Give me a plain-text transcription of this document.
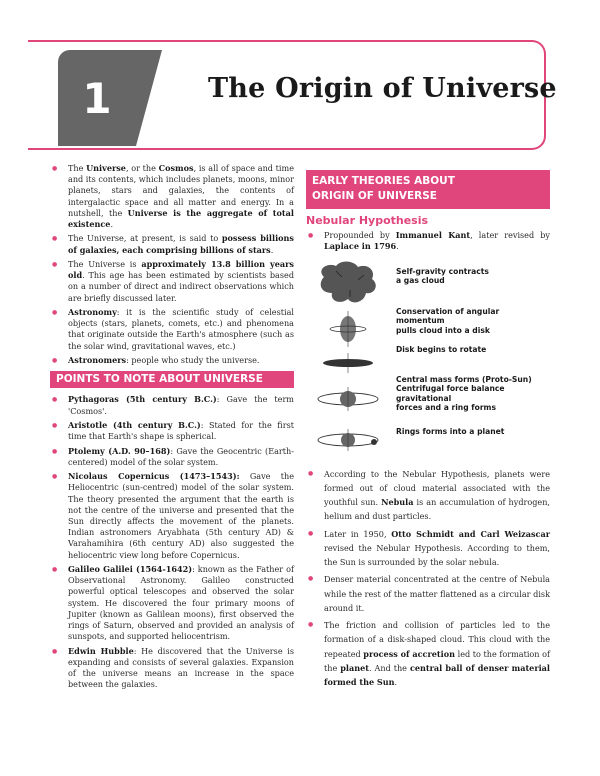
1	The Origin of Universe

● The Universe, or the Cosmos, is all of space and time and its contents, which includes planets, moons, minor planets, stars and galaxies, the contents of intergalactic space and all matter and energy. In a nutshell, the Universe is the aggregate of total existence.

● The Universe, at present, is said to possess billions of galaxies, each comprising billions of stars.

● The Universe is approximately 13.8 billion years old. This age has been estimated by scientists based on a number of direct and indirect observations which are briefly discussed later.

● Astronomy: it is the scientific study of celestial objects (stars, planets, comets, etc.) and phenomena that originate outside the Earth's atmosphere (such as the solar wind, gravitational waves, etc.)

● Astronomers: people who study the universe.

POINTS TO NOTE ABOUT UNIVERSE

● Pythagoras (5th century B.C.): Gave the term 'Cosmos'.

● Aristotle (4th century B.C.): Stated for the first time that Earth's shape is spherical.

● Ptolemy (A.D. 90–168): Gave the Geocentric (Earth-centered) model of the solar system.

● Nicolaus Copernicus (1473–1543): Gave the Heliocentric (sun-centred) model of the solar system. The theory presented the argument that the earth is not the centre of the universe and presented that the Sun directly affects the movement of the planets. Indian astronomers Aryabhata (5th century AD) & Varahamihira (6th century AD) also suggested the heliocentric view long before Copernicus.

● Galileo Galilei (1564-1642): known as the Father of Observational Astronomy. Galileo constructed powerful optical telescopes and observed the solar system. He discovered the four primary moons of Jupiter (known as Galilean moons), first observed the rings of Saturn, observed and provided an analysis of sunspots, and supported heliocentrism.

● Edwin Hubble: He discovered that the Universe is expanding and consists of several galaxies. Expansion of the universe means an increase in the space between the galaxies.

EARLY THEORIES ABOUT
ORIGIN OF UNIVERSE
Nebular Hypothesis

● Propounded by Immanuel Kant, later revised by Laplace in 1796.

Self-gravity contracts
a gas cloud
Conservation of angular momentum
pulls cloud into a disk
Disk begins to rotate
Central mass forms (Proto-Sun)
Centrifugal force balance gravitational
forces and a ring forms
Rings forms into a planet

● According to the Nebular Hypothesis, planets were formed out of cloud material associated with the youthful sun. Nebula is an accumulation of hydrogen, helium and dust particles.

● Later in 1950, Otto Schmidt and Carl Weizascar revised the Nebular Hypothesis. According to them, the Sun is surrounded by the solar nebula.

● Denser material concentrated at the centre of Nebula while the rest of the matter flattened as a circular disk around it.

● The friction and collision of particles led to the formation of a disk-shaped cloud. This cloud with the repeated process of accretion led to the formation of the planet. And the central ball of denser material formed the Sun.
